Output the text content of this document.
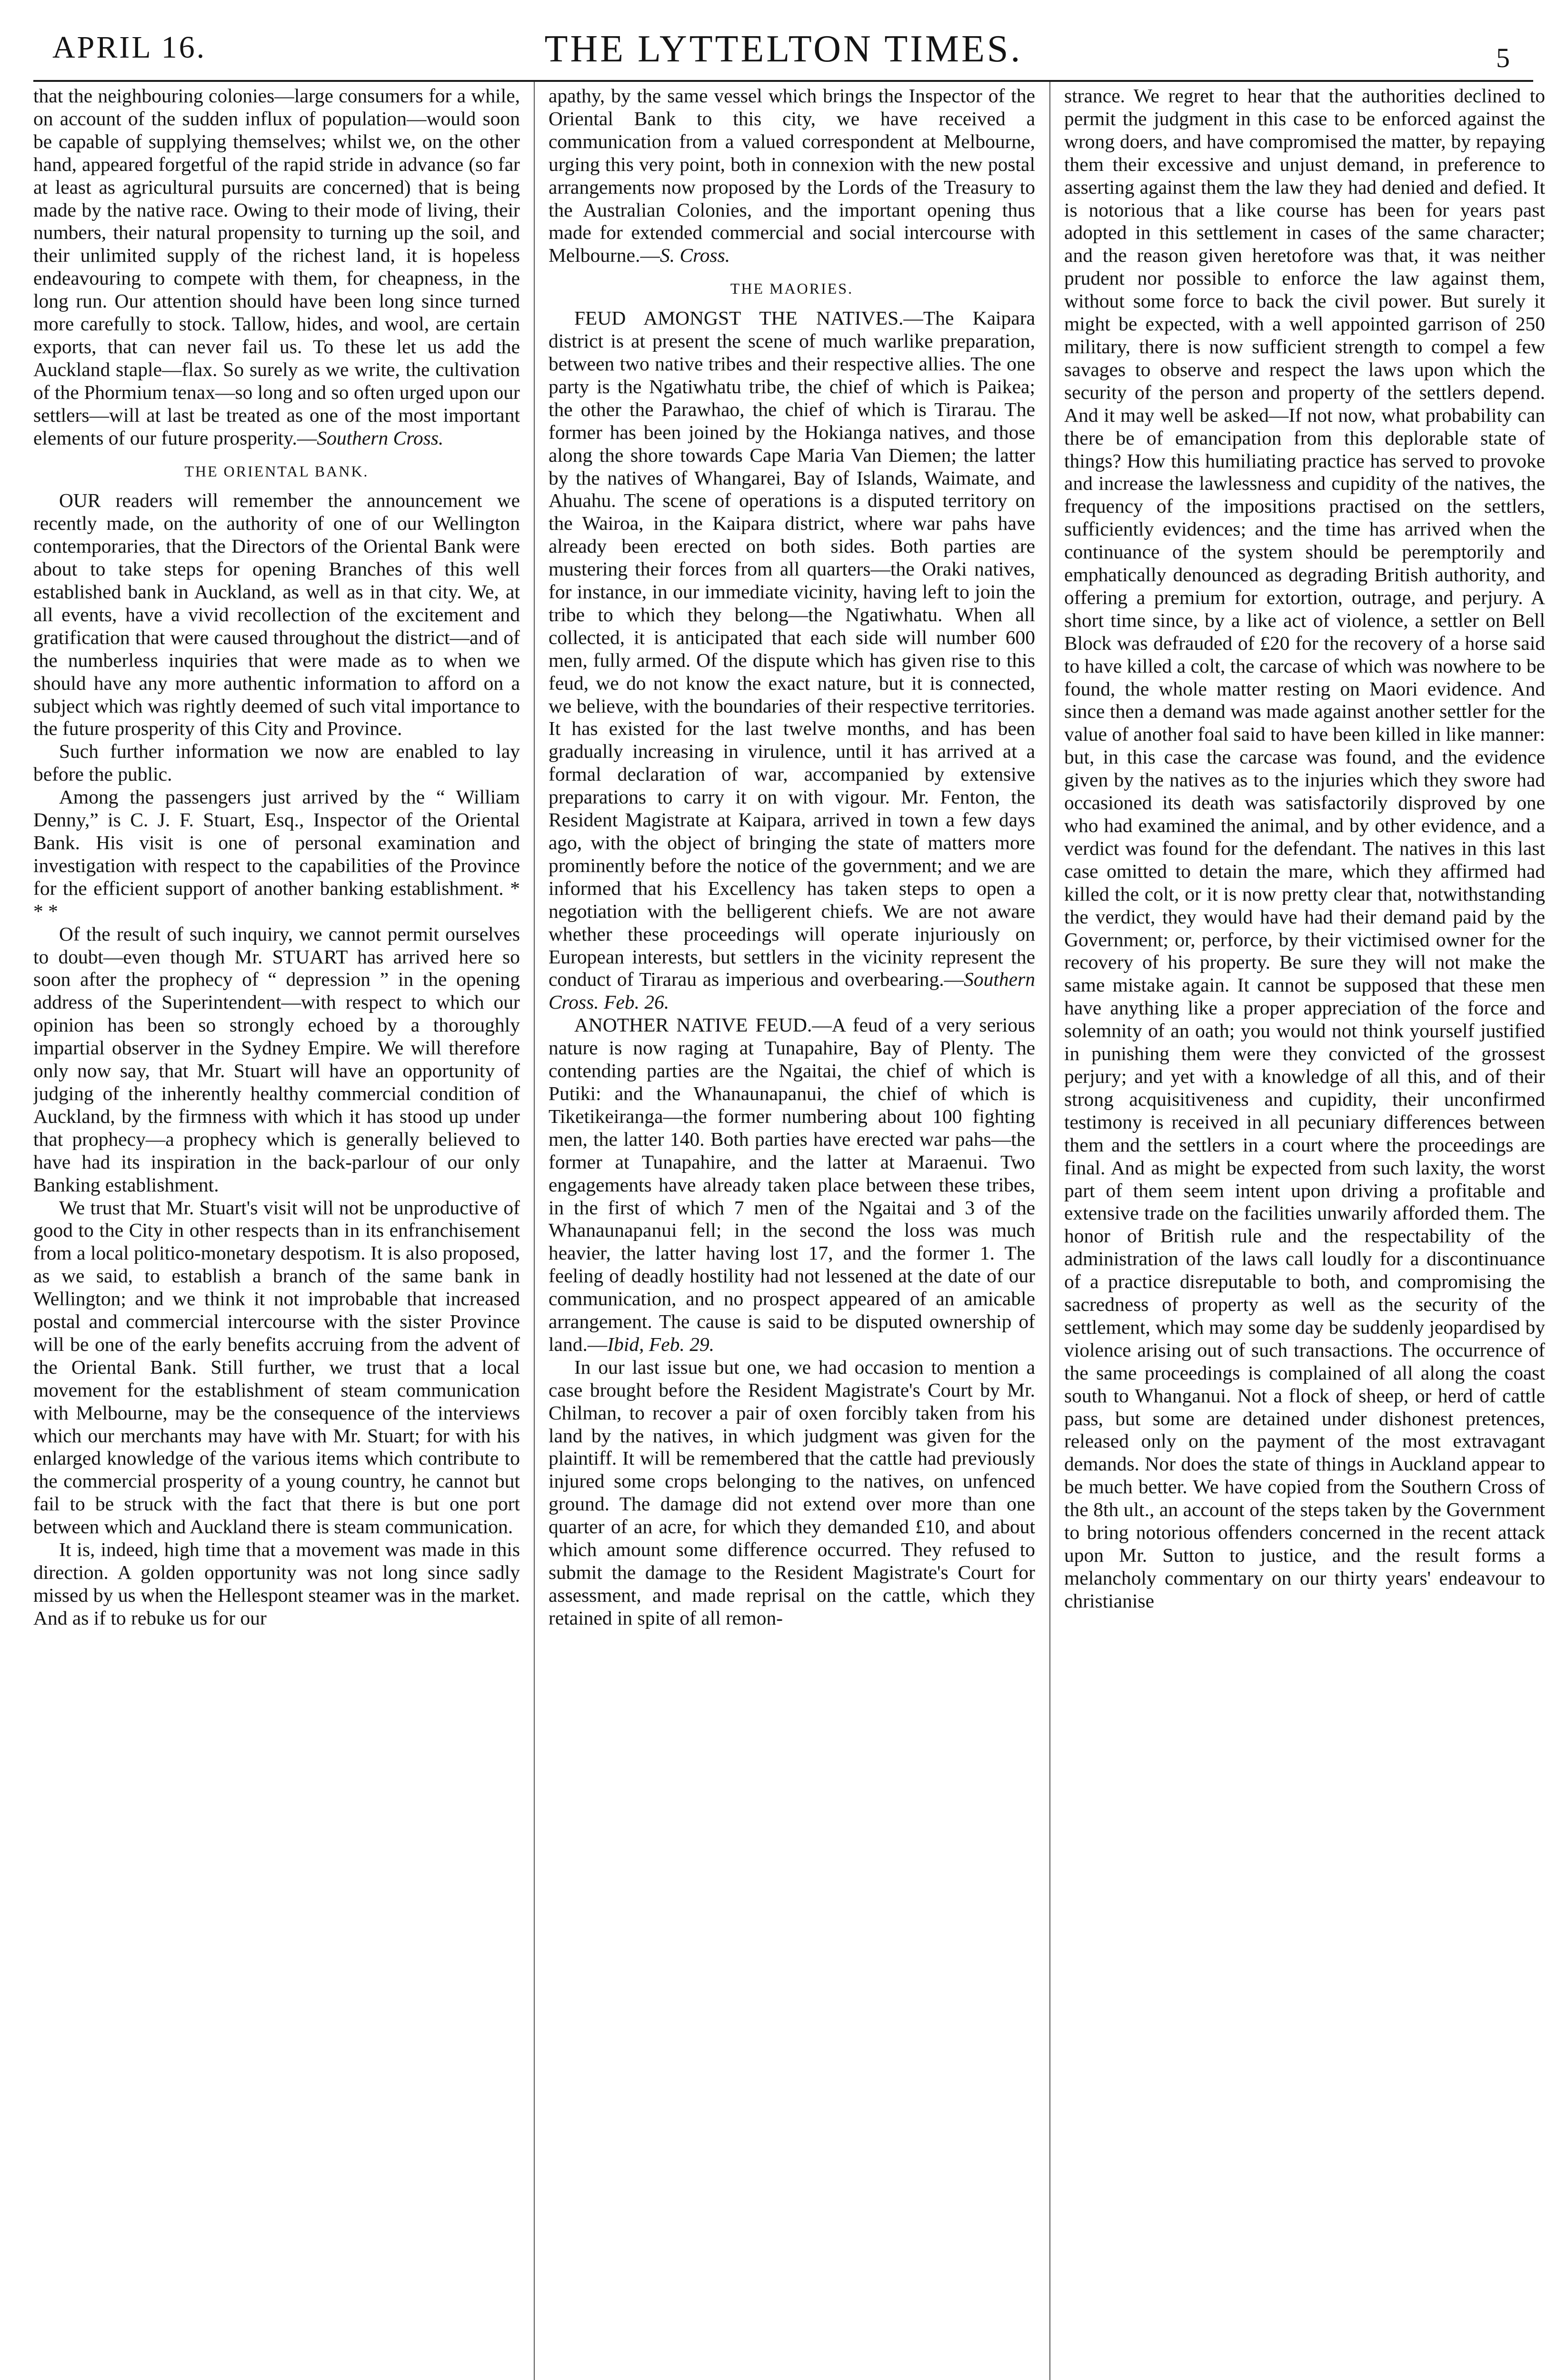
APRIL 16.	THE LYTTELTON TIMES.	5

that the neighbouring colonies—large consumers for a while, on account of the sudden influx of population—would soon be capable of supplying themselves; whilst we, on the other hand, appeared forgetful of the rapid stride in advance (so far at least as agricultural pursuits are concerned) that is being made by the native race. Owing to their mode of living, their numbers, their natural propensity to turning up the soil, and their unlimited supply of the richest land, it is hopeless endeavouring to compete with them, for cheapness, in the long run. Our attention should have been long since turned more carefully to stock. Tallow, hides, and wool, are certain exports, that can never fail us. To these let us add the Auckland staple—flax. So surely as we write, the cultivation of the Phormium tenax—so long and so often urged upon our settlers—will at last be treated as one of the most important elements of our future prosperity.—Southern Cross.

THE ORIENTAL BANK.

OUR readers will remember the announcement we recently made, on the authority of one of our Wellington contemporaries, that the Directors of the Oriental Bank were about to take steps for opening Branches of this well established bank in Auckland, as well as in that city. We, at all events, have a vivid recollection of the excitement and gratification that were caused throughout the district—and of the numberless inquiries that were made as to when we should have any more authentic information to afford on a subject which was rightly deemed of such vital importance to the future prosperity of this City and Province.

Such further information we now are enabled to lay before the public.

Among the passengers just arrived by the “ William Denny,” is C. J. F. Stuart, Esq., Inspector of the Oriental Bank. His visit is one of personal examination and investigation with respect to the capabilities of the Province for the efficient support of another banking establishment. * * *

Of the result of such inquiry, we cannot permit ourselves to doubt—even though Mr. STUART has arrived here so soon after the prophecy of “ depression ” in the opening address of the Superintendent—with respect to which our opinion has been so strongly echoed by a thoroughly impartial observer in the Sydney Empire. We will therefore only now say, that Mr. Stuart will have an opportunity of judging of the inherently healthy commercial condition of Auckland, by the firmness with which it has stood up under that prophecy—a prophecy which is generally believed to have had its inspiration in the back-parlour of our only Banking establishment.

We trust that Mr. Stuart's visit will not be unproductive of good to the City in other respects than in its enfranchisement from a local politico-monetary despotism. It is also proposed, as we said, to establish a branch of the same bank in Wellington; and we think it not improbable that increased postal and commercial intercourse with the sister Province will be one of the early benefits accruing from the advent of the Oriental Bank. Still further, we trust that a local movement for the establishment of steam communication with Melbourne, may be the consequence of the interviews which our merchants may have with Mr. Stuart; for with his enlarged knowledge of the various items which contribute to the commercial prosperity of a young country, he cannot but fail to be struck with the fact that there is but one port between which and Auckland there is steam communication.

It is, indeed, high time that a movement was made in this direction. A golden opportunity was not long since sadly missed by us when the Hellespont steamer was in the market. And as if to rebuke us for our

apathy, by the same vessel which brings the Inspector of the Oriental Bank to this city, we have received a communication from a valued correspondent at Melbourne, urging this very point, both in connexion with the new postal arrangements now proposed by the Lords of the Treasury to the Australian Colonies, and the important opening thus made for extended commercial and social intercourse with Melbourne.—S. Cross.

THE MAORIES.

FEUD AMONGST THE NATIVES.—The Kaipara district is at present the scene of much warlike preparation, between two native tribes and their respective allies. The one party is the Ngatiwhatu tribe, the chief of which is Paikea; the other the Parawhao, the chief of which is Tirarau. The former has been joined by the Hokianga natives, and those along the shore towards Cape Maria Van Diemen; the latter by the natives of Whangarei, Bay of Islands, Waimate, and Ahuahu. The scene of operations is a disputed territory on the Wairoa, in the Kaipara district, where war pahs have already been erected on both sides. Both parties are mustering their forces from all quarters—the Oraki natives, for instance, in our immediate vicinity, having left to join the tribe to which they belong—the Ngatiwhatu. When all collected, it is anticipated that each side will number 600 men, fully armed. Of the dispute which has given rise to this feud, we do not know the exact nature, but it is connected, we believe, with the boundaries of their respective territories. It has existed for the last twelve months, and has been gradually increasing in virulence, until it has arrived at a formal declaration of war, accompanied by extensive preparations to carry it on with vigour. Mr. Fenton, the Resident Magistrate at Kaipara, arrived in town a few days ago, with the object of bringing the state of matters more prominently before the notice of the government; and we are informed that his Excellency has taken steps to open a negotiation with the belligerent chiefs. We are not aware whether these proceedings will operate injuriously on European interests, but settlers in the vicinity represent the conduct of Tirarau as imperious and overbearing.—Southern Cross. Feb. 26.

ANOTHER NATIVE FEUD.—A feud of a very serious nature is now raging at Tunapahire, Bay of Plenty. The contending parties are the Ngaitai, the chief of which is Putiki: and the Whanaunapanui, the chief of which is Tiketikeiranga—the former numbering about 100 fighting men, the latter 140. Both parties have erected war pahs—the former at Tunapahire, and the latter at Maraenui. Two engagements have already taken place between these tribes, in the first of which 7 men of the Ngaitai and 3 of the Whanaunapanui fell; in the second the loss was much heavier, the latter having lost 17, and the former 1. The feeling of deadly hostility had not lessened at the date of our communication, and no prospect appeared of an amicable arrangement. The cause is said to be disputed ownership of land.—Ibid, Feb. 29.

In our last issue but one, we had occasion to mention a case brought before the Resident Magistrate's Court by Mr. Chilman, to recover a pair of oxen forcibly taken from his land by the natives, in which judgment was given for the plaintiff. It will be remembered that the cattle had previously injured some crops belonging to the natives, on unfenced ground. The damage did not extend over more than one quarter of an acre, for which they demanded £10, and about which amount some difference occurred. They refused to submit the damage to the Resident Magistrate's Court for assessment, and made reprisal on the cattle, which they retained in spite of all remon-

strance. We regret to hear that the authorities declined to permit the judgment in this case to be enforced against the wrong doers, and have compromised the matter, by repaying them their excessive and unjust demand, in preference to asserting against them the law they had denied and defied. It is notorious that a like course has been for years past adopted in this settlement in cases of the same character; and the reason given heretofore was that, it was neither prudent nor possible to enforce the law against them, without some force to back the civil power. But surely it might be expected, with a well appointed garrison of 250 military, there is now sufficient strength to compel a few savages to observe and respect the laws upon which the security of the person and property of the settlers depend. And it may well be asked—If not now, what probability can there be of emancipation from this deplorable state of things? How this humiliating practice has served to provoke and increase the lawlessness and cupidity of the natives, the frequency of the impositions practised on the settlers, sufficiently evidences; and the time has arrived when the continuance of the system should be peremptorily and emphatically denounced as degrading British authority, and offering a premium for extortion, outrage, and perjury. A short time since, by a like act of violence, a settler on Bell Block was defrauded of £20 for the recovery of a horse said to have killed a colt, the carcase of which was nowhere to be found, the whole matter resting on Maori evidence. And since then a demand was made against another settler for the value of another foal said to have been killed in like manner: but, in this case the carcase was found, and the evidence given by the natives as to the injuries which they swore had occasioned its death was satisfactorily disproved by one who had examined the animal, and by other evidence, and a verdict was found for the defendant. The natives in this last case omitted to detain the mare, which they affirmed had killed the colt, or it is now pretty clear that, notwithstanding the verdict, they would have had their demand paid by the Government; or, perforce, by their victimised owner for the recovery of his property. Be sure they will not make the same mistake again. It cannot be supposed that these men have anything like a proper appreciation of the force and solemnity of an oath; you would not think yourself justified in punishing them were they convicted of the grossest perjury; and yet with a knowledge of all this, and of their strong acquisitiveness and cupidity, their unconfirmed testimony is received in all pecuniary differences between them and the settlers in a court where the proceedings are final. And as might be expected from such laxity, the worst part of them seem intent upon driving a profitable and extensive trade on the facilities unwarily afforded them. The honor of British rule and the respectability of the administration of the laws call loudly for a discontinuance of a practice disreputable to both, and compromising the sacredness of property as well as the security of the settlement, which may some day be suddenly jeopardised by violence arising out of such transactions. The occurrence of the same proceedings is complained of all along the coast south to Whanganui. Not a flock of sheep, or herd of cattle pass, but some are detained under dishonest pretences, released only on the payment of the most extravagant demands. Nor does the state of things in Auckland appear to be much better. We have copied from the Southern Cross of the 8th ult., an account of the steps taken by the Government to bring notorious offenders concerned in the recent attack upon Mr. Sutton to justice, and the result forms a melancholy commentary on our thirty years' endeavour to christianise
